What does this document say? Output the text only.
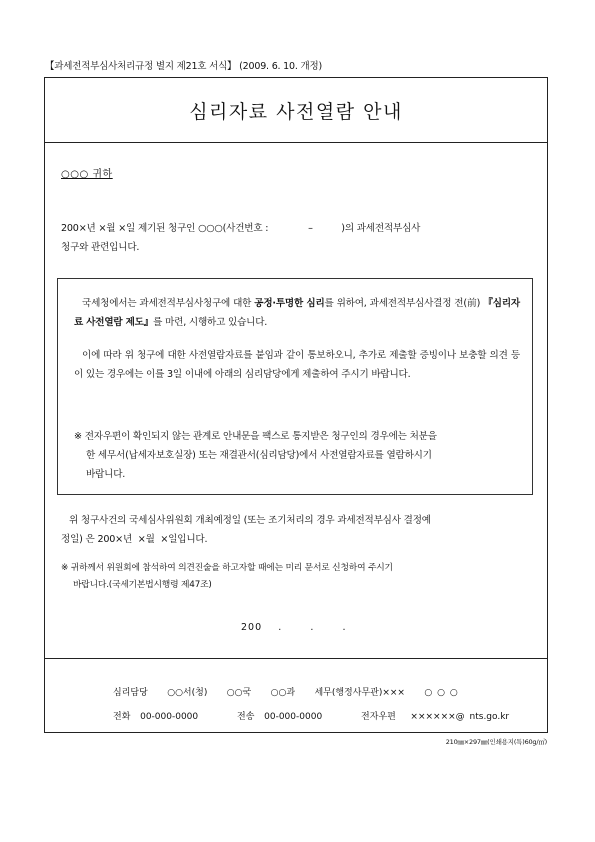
【과세전적부심사처리규정 별지 제21호 서식】 (2009. 6. 10. 개정)
심리자료 사전열람 안내
○○○ 귀하
200×년 ×월 ×일 제기된 청구인 ○○○(사건번호 :              –          )의 과세전적부심사
청구와 관련입니다.
국세청에서는 과세전적부심사청구에 대한 공정·투명한 심리를 위하여, 과세전적부심사결정 전(前) 『심리자료 사전열람 제도』를 마련, 시행하고 있습니다.
이에 따라 위 청구에 대한 사전열람자료를 붙임과 같이 통보하오니, 추가로 제출할 증빙이나 보충할 의견 등이 있는 경우에는 이를 3일 이내에 아래의 심리담당에게 제출하여 주시기 바랍니다.
※ 전자우편이 확인되지 않는 관계로 안내문을 팩스로 통지받은 청구인의 경우에는 처분을
한 세무서(납세자보호실장) 또는 재결관서(심리담당)에서 사전열람자료를 열람하시기
바랍니다.
위 청구사건의 국세심사위원회 개최예정일 (또는 조기처리의 경우 과세전적부심사 결정예
정일) 은 200×년  ×월  ×일입니다.
※ 귀하께서 위원회에 참석하여 의견진술을 하고자할 때에는 미리 문서로 신청하여 주시기
바랍니다.(국세기본법시행령 제47조)
200    .       .       .
심리담당    ○○서(청)    ○○국    ○○과    세무(행정사무관)×××    ○ ○ ○
전화  00-000-0000        전송  00-000-0000        전자우편   ××××××@ nts.go.kr
210㎜×297㎜(인쇄용지(특)60g/㎡)
